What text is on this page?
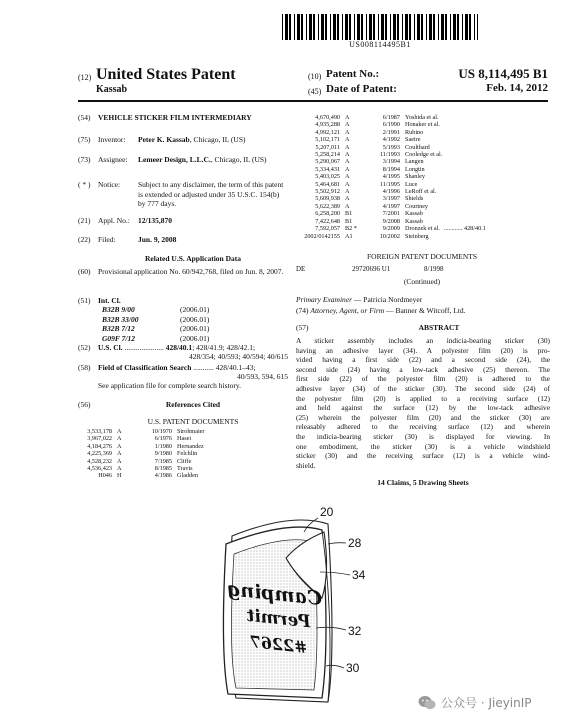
US008114495B1
(12) United States Patent
Kassab
(10) Patent No.:	US 8,114,495 B1
(45) Date of Patent:	Feb. 14, 2012
(54) VEHICLE STICKER FILM INTERMEDIARY
(75) Inventor: Peter K. Kassab, Chicago, IL (US)
(73) Assignee: Lemeer Design, L.L.C., Chicago, IL (US)
( * ) Notice: Subject to any disclaimer, the term of this patent is extended or adjusted under 35 U.S.C. 154(b) by 777 days.
(21) Appl. No.: 12/135,870
(22) Filed:	Jun. 9, 2008
Related U.S. Application Data
(60) Provisional application No. 60/942,768, filed on Jun. 8, 2007.
(51) Int. Cl.
B32B 9/00	(2006.01)
B32B 33/00	(2006.01)
B32B 7/12	(2006.01)
G09F 7/12	(2006.01)
(52) U.S. Cl. ..................... 428/40.1; 428/41.9; 428/42.1;
428/354; 40/593; 40/594; 40/615
(58) Field of Classification Search ........... 428/40.1–43;
40/593, 594, 615
See application file for complete search history.
(56)	References Cited
U.S. PATENT DOCUMENTS
3,533,178 A	10/1970 Strohmaier
3,967,022 A	6/1976 Hasei
4,184,276 A	1/1980 Hernandez
4,225,369 A	9/1980 Felchlin
4,528,232 A	7/1985 Cliffe
4,536,423 A	8/1985 Travis
H046 H	4/1986 Gladden
4,670,490 A	6/1987 Yoshida et al.
4,935,288 A	6/1990 Honaker et al.
4,992,121 A	2/1991 Rubino
5,102,171 A	4/1992 Saetre
5,207,011 A	5/1993 Coulthard
5,258,214 A	11/1993 Cooledge et al.
5,290,067 A	3/1994 Langen
5,334,431 A	8/1994 Longtin
5,403,025 A	4/1995 Shanley
5,464,681 A	11/1995 Luce
5,502,912 A	4/1996 LeRoff et al.
5,609,938 A	3/1997 Shields
5,622,389 A	4/1997 Courtney
6,258,200 B1	7/2001 Kassab
7,422,648 B1	9/2008 Kassab
7,592,057 B2 *	9/2009 Dronzek et al. ............ 428/40.1
2002/0142155 A1	10/2002 Steinberg
FOREIGN PATENT DOCUMENTS
DE	29720696 U1	8/1998
(Continued)
Primary Examiner — Patricia Nordmeyer
(74) Attorney, Agent, or Firm — Banner & Witcoff, Ltd.
(57)	ABSTRACT
A sticker assembly includes an indicia-bearing sticker (30)
having an adhesive layer (34). A polyester film (20) is pro-
vided having a first side (22) and a second side (24), the
second side (24) having a low-tack adhesive (25) thereon. The
first side (22) of the polyester film (20) is adhered to the
adhesive layer (34) of the sticker (30). The second side (24) of
the polyester film (20) is applied to a receiving surface (12)
and held against the surface (12) by the low-tack adhesive
(25) wherein the polyester film (20) and the sticker (30) are
releasably adhered to the receiving surface (12) and wherein
the indicia-bearing sticker (30) is displayed for viewing. In
one embodiment, the sticker (30) is a vehicle windshield
sticker (30) and the receiving surface (12) is a vehicle wind-
shield.
14 Claims, 5 Drawing Sheets
Camping
Permit
#2267
20
28
34
32
30
公众号 · JieyinIP
